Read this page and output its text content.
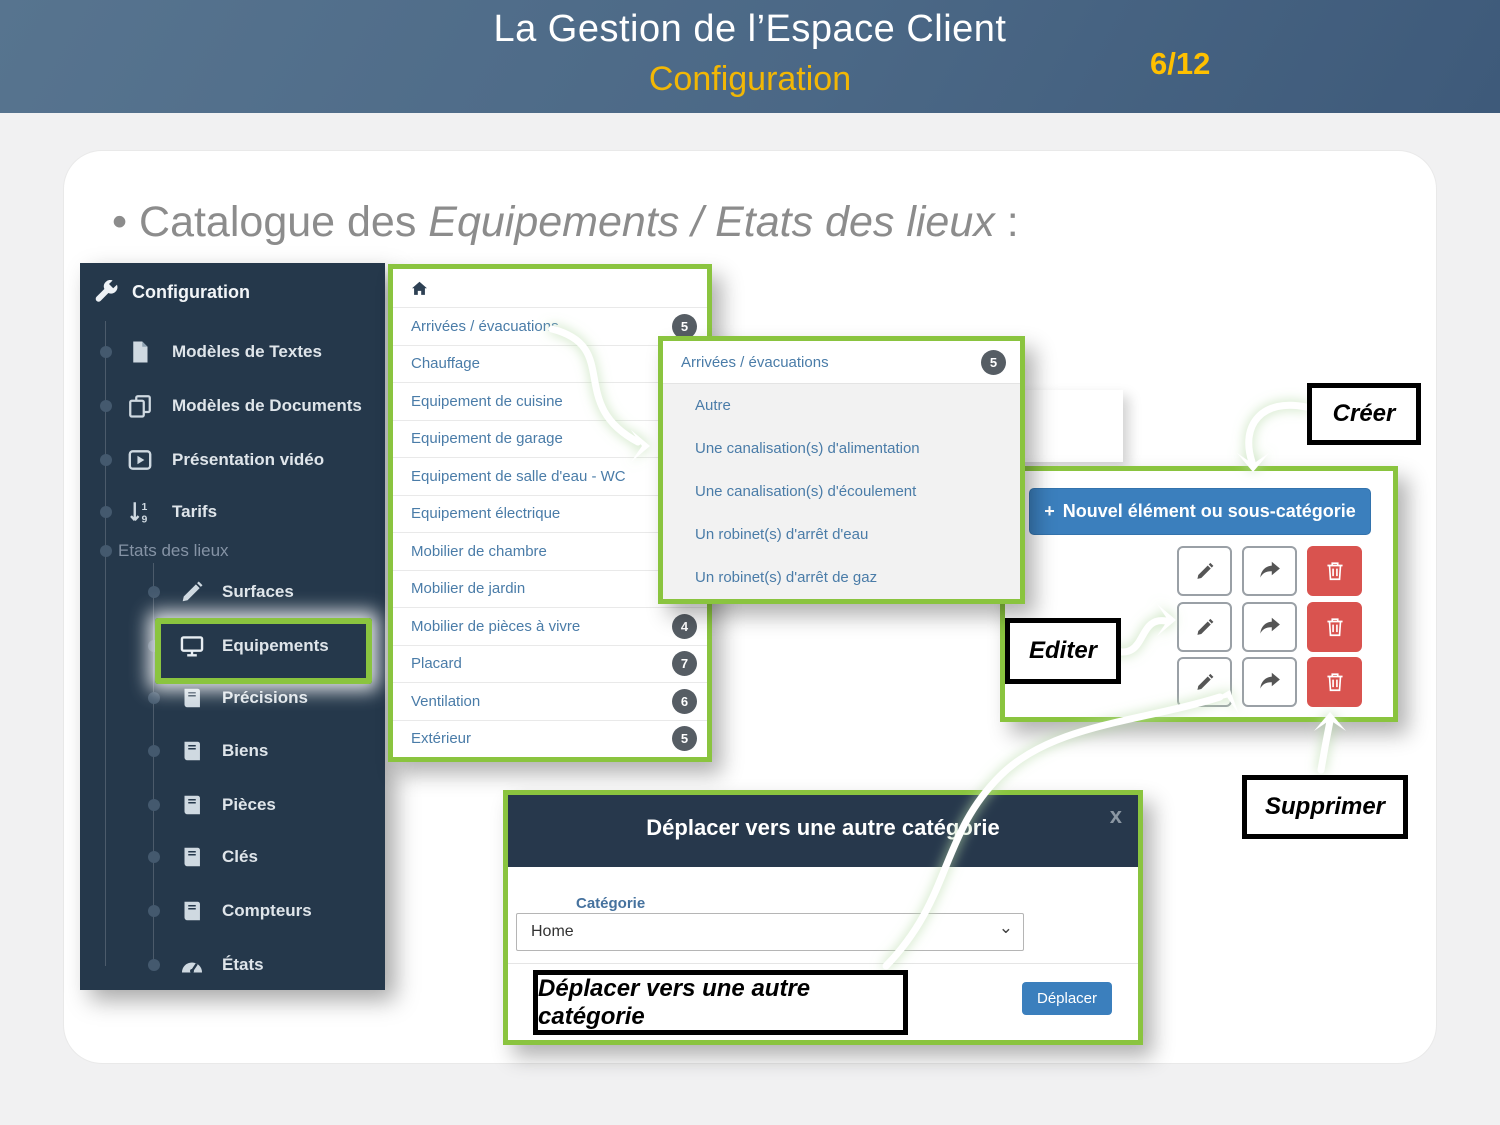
La Gestion de l’Espace Client
Configuration	6/12
• Catalogue des Equipements / Etats des lieux :
Configuration
Modèles de Textes
Modèles de Documents
Présentation vidéo
1
9 Tarifs
Etats des lieux
Surfaces
Equipements
Précisions
Biens
Pièces
Clés
Compteurs
États
Arrivées / évacuations	5
Chauffage
Equipement de cuisine
Equipement de garage
Equipement de salle d'eau - WC
Equipement électrique
Mobilier de chambre
Mobilier de jardin
Mobilier de pièces à vivre	4
Placard	7
Ventilation	6
Extérieur	5
Arrivées / évacuations	5
Autre
Une canalisation(s) d'alimentation
Une canalisation(s) d'écoulement
Un robinet(s) d'arrêt d'eau
Un robinet(s) d'arrêt de gaz
+ Nouvel élément ou sous-catégorie
Déplacer vers une autre catégorie	x
Catégorie
Home	⌄
Déplacer
Créer
Editer
Supprimer
Déplacer vers une autre catégorie
